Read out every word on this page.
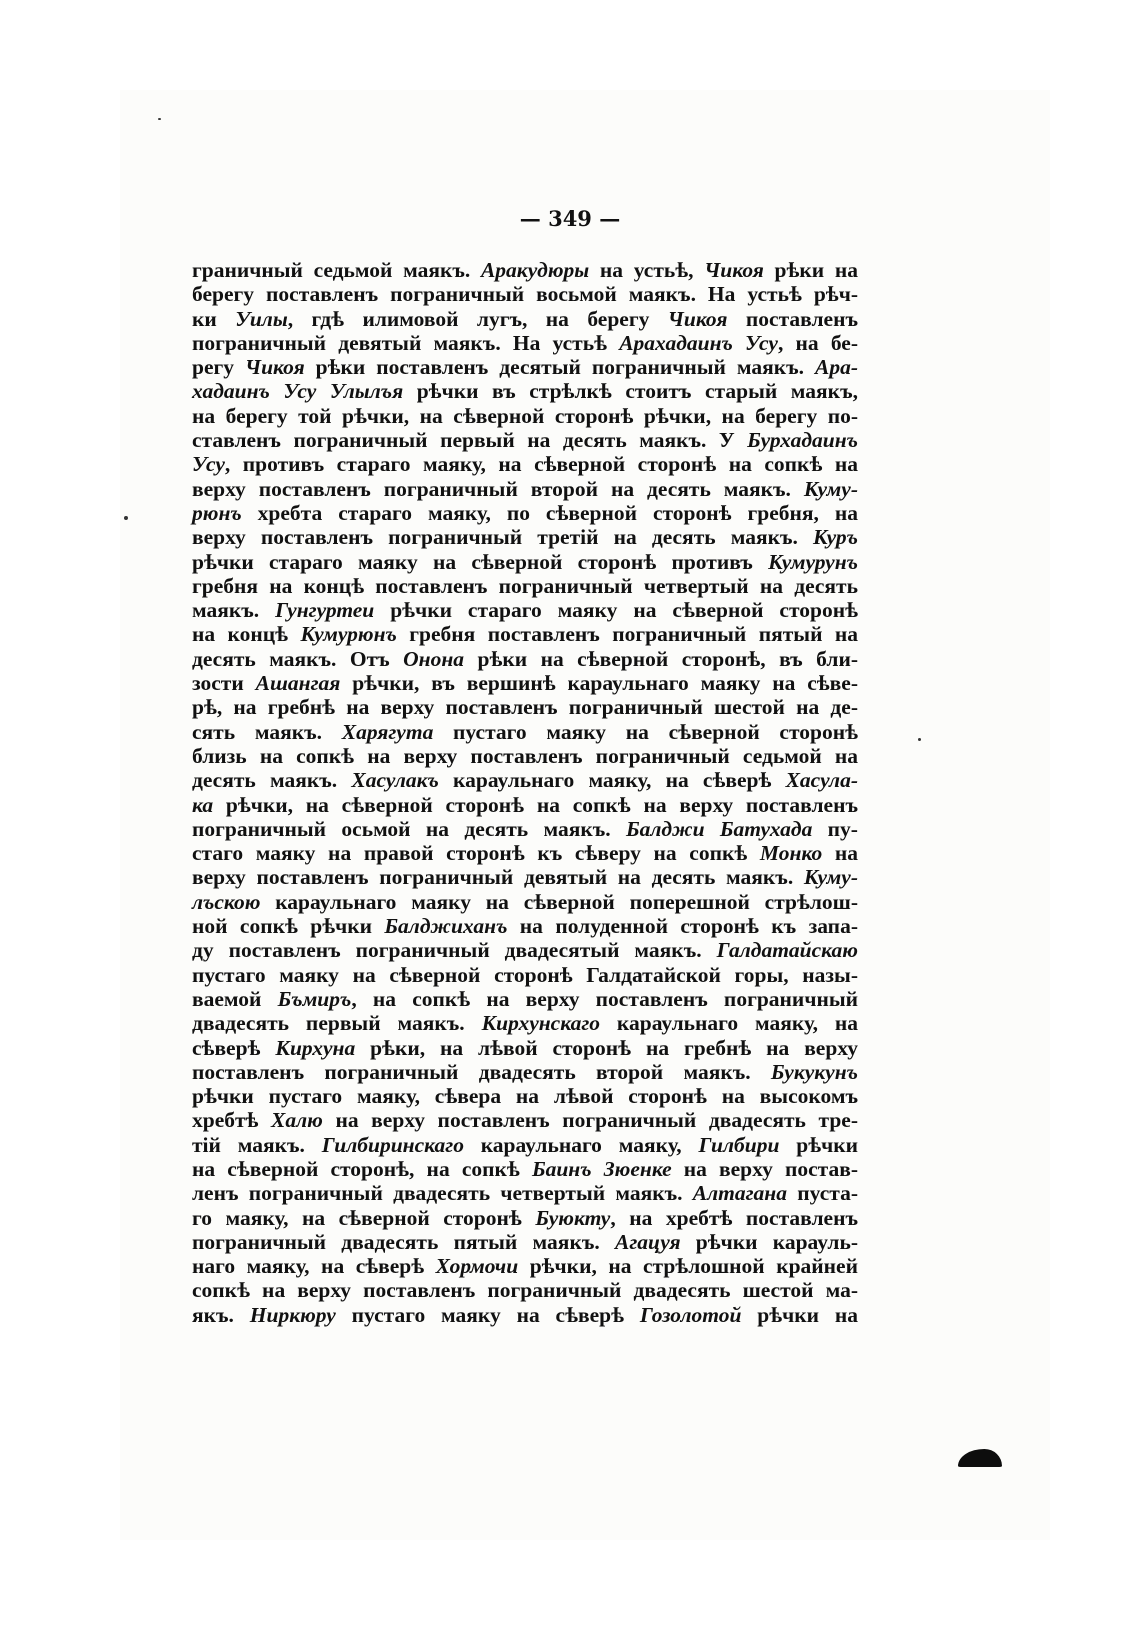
— 349 —
граничный седьмой маякъ. Аракудюры на устьѣ, Чикоя рѣки на
берегу поставленъ пограничный восьмой маякъ. На устьѣ рѣч-
ки Уилы, гдѣ илимовой лугъ, на берегу Чикоя поставленъ
пограничный девятый маякъ. На устьѣ Арахадаинъ Усу, на бе-
регу Чикоя рѣки поставленъ десятый пограничный маякъ. Ара-
хадаинъ Усу Улылъя рѣчки въ стрѣлкѣ стоитъ старый маякъ,
на берегу той рѣчки, на сѣверной сторонѣ рѣчки, на берегу по-
ставленъ пограничный первый на десять маякъ. У Бурхадаинъ
Усу, противъ стараго маяку, на сѣверной сторонѣ на сопкѣ на
верху поставленъ пограничный второй на десять маякъ. Куму-
рюнъ хребта стараго маяку, по сѣверной сторонѣ гребня, на
верху поставленъ пограничный третій на десять маякъ. Куръ
рѣчки стараго маяку на сѣверной сторонѣ противъ Кумурунъ
гребня на концѣ поставленъ пограничный четвертый на десять
маякъ. Гунгуртеи рѣчки стараго маяку на сѣверной сторонѣ
на концѣ Кумурюнъ гребня поставленъ пограничный пятый на
десять маякъ. Отъ Онона рѣки на сѣверной сторонѣ, въ бли-
зости Ашангая рѣчки, въ вершинѣ караульнаго маяку на сѣве-
рѣ, на гребнѣ на верху поставленъ пограничный шестой на де-
сять маякъ. Харягута пустаго маяку на сѣверной сторонѣ
близь на сопкѣ на верху поставленъ пограничный седьмой на
десять маякъ. Хасулакъ караульнаго маяку, на сѣверѣ Хасула-
ка рѣчки, на сѣверной сторонѣ на сопкѣ на верху поставленъ
пограничный осьмой на десять маякъ. Балджи Батухада пу-
стаго маяку на правой сторонѣ къ сѣверу на сопкѣ Монко на
верху поставленъ пограничный девятый на десять маякъ. Куму-
лъскою караульнаго маяку на сѣверной поперешной стрѣлош-
ной сопкѣ рѣчки Балджиханъ на полуденной сторонѣ къ запа-
ду поставленъ пограничный двадесятый маякъ. Галдатайскаю
пустаго маяку на сѣверной сторонѣ Галдатайской горы, назы-
ваемой Бъмиръ, на сопкѣ на верху поставленъ пограничный
двадесять первый маякъ. Кирхунскаго караульнаго маяку, на
сѣверѣ Кирхуна рѣки, на лѣвой сторонѣ на гребнѣ на верху
поставленъ пограничный двадесять второй маякъ. Букукунъ
рѣчки пустаго маяку, сѣвера на лѣвой сторонѣ на высокомъ
хребтѣ Халю на верху поставленъ пограничный двадесять тре-
тій маякъ. Гилбиринскаго караульнаго маяку, Гилбири рѣчки
на сѣверной сторонѣ, на сопкѣ Баинъ Зюенке на верху постав-
ленъ пограничный двадесять четвертый маякъ. Алтагана пуста-
го маяку, на сѣверной сторонѣ Буюкту, на хребтѣ поставленъ
пограничный двадесять пятый маякъ. Агацуя рѣчки карауль-
наго маяку, на сѣверѣ Хормочи рѣчки, на стрѣлошной крайней
сопкѣ на верху поставленъ пограничный двадесять шестой ма-
якъ. Ниркюру пустаго маяку на сѣверѣ Гозолотой рѣчки на
